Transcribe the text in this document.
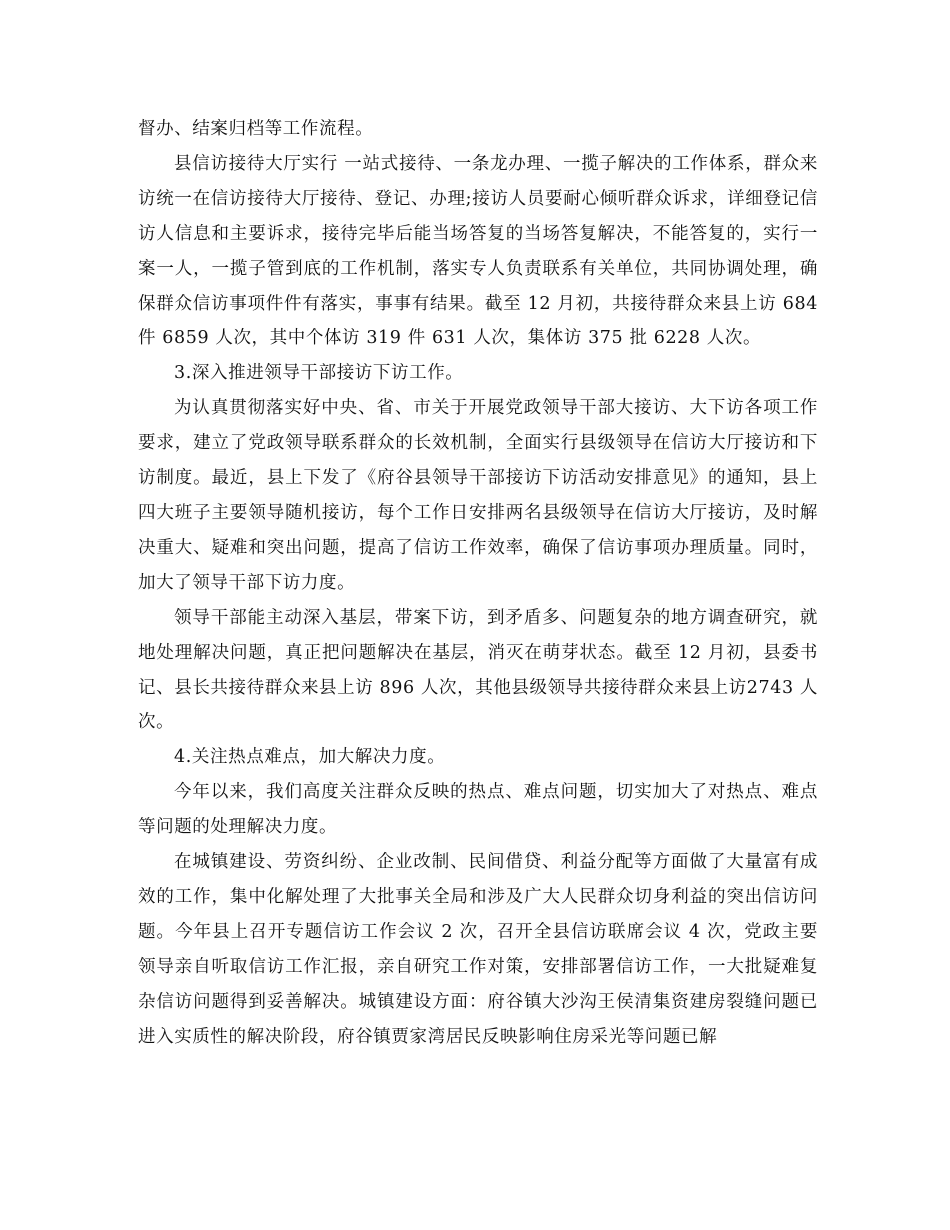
督办、结案归档等工作流程。

县信访接待大厅实行 一站式接待、一条龙办理、一揽子解决的工作体系，群众来访统一在信访接待大厅接待、登记、办理;接访人员要耐心倾听群众诉求，详细登记信访人信息和主要诉求，接待完毕后能当场答复的当场答复解决，不能答复的，实行一案一人，一揽子管到底的工作机制，落实专人负责联系有关单位，共同协调处理，确保群众信访事项件件有落实，事事有结果。截至 12 月初，共接待群众来县上访 684 件 6859 人次，其中个体访 319 件 631 人次，集体访 375 批 6228 人次。

3.深入推进领导干部接访下访工作。

为认真贯彻落实好中央、省、市关于开展党政领导干部大接访、大下访各项工作要求，建立了党政领导联系群众的长效机制，全面实行县级领导在信访大厅接访和下访制度。最近，县上下发了《府谷县领导干部接访下访活动安排意见》的通知，县上四大班子主要领导随机接访，每个工作日安排两名县级领导在信访大厅接访，及时解决重大、疑难和突出问题，提高了信访工作效率，确保了信访事项办理质量。同时，加大了领导干部下访力度。

领导干部能主动深入基层，带案下访，到矛盾多、问题复杂的地方调查研究，就地处理解决问题，真正把问题解决在基层，消灭在萌芽状态。截至 12 月初，县委书记、县长共接待群众来县上访 896 人次，其他县级领导共接待群众来县上访2743 人次。

4.关注热点难点，加大解决力度。

今年以来，我们高度关注群众反映的热点、难点问题，切实加大了对热点、难点等问题的处理解决力度。

在城镇建设、劳资纠纷、企业改制、民间借贷、利益分配等方面做了大量富有成效的工作，集中化解处理了大批事关全局和涉及广大人民群众切身利益的突出信访问题。今年县上召开专题信访工作会议 2 次，召开全县信访联席会议 4 次，党政主要领导亲自听取信访工作汇报，亲自研究工作对策，安排部署信访工作，一大批疑难复杂信访问题得到妥善解决。城镇建设方面：府谷镇大沙沟王侯清集资建房裂缝问题已进入实质性的解决阶段，府谷镇贾家湾居民反映影响住房采光等问题已解
